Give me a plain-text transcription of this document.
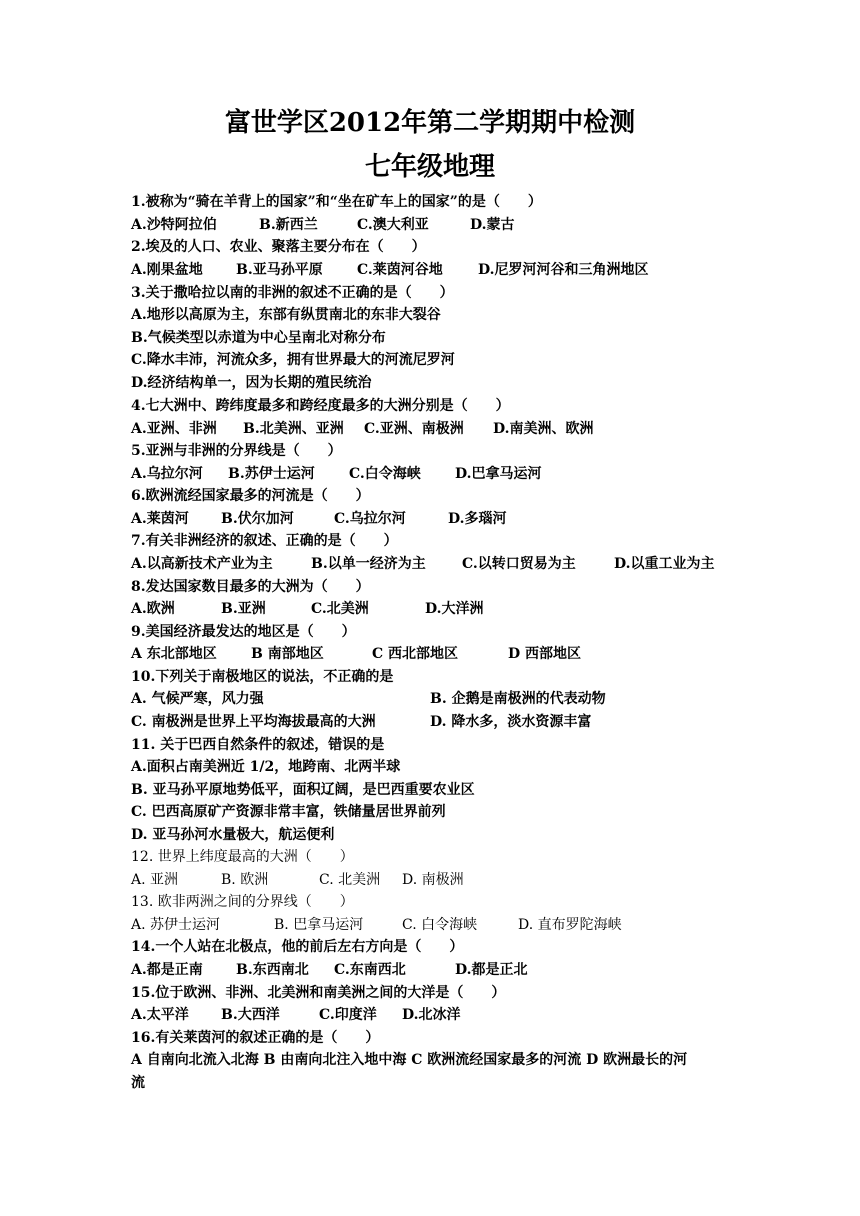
富世学区2012年第二学期期中检测
七年级地理
1.被称为“骑在羊背上的国家”和“坐在矿车上的国家”的是（　　）
A.沙特阿拉伯	B.新西兰	C.澳大利亚	D.蒙古
2.埃及的人口、农业、聚落主要分布在（　　）
A.刚果盆地 B.亚马孙平原 C.莱茵河谷地	D.尼罗河河谷和三角洲地区
3.关于撒哈拉以南的非洲的叙述不正确的是（　　）
A.地形以高原为主，东部有纵贯南北的东非大裂谷
B.气候类型以赤道为中心呈南北对称分布
C.降水丰沛，河流众多，拥有世界最大的河流尼罗河
D.经济结构单一，因为长期的殖民统治
4.七大洲中、跨纬度最多和跨经度最多的大洲分别是（　　）
A.亚洲、非洲 B.北美洲、亚洲 C.亚洲、南极洲 D.南美洲、欧洲
5.亚洲与非洲的分界线是（　　）
A.乌拉尔河 B.苏伊士运河 C.白令海峡 D.巴拿马运河
6.欧洲流经国家最多的河流是（　　）
A.莱茵河 B.伏尔加河	C.乌拉尔河	D.多瑙河
7.有关非洲经济的叙述、正确的是（　　）
A.以高新技术产业为主	B.以单一经济为主	C.以转口贸易为主	D.以重工业为主
8.发达国家数目最多的大洲为（　　）
A.欧洲	B.亚洲	C.北美洲	D.大洋洲
9.美国经济最发达的地区是（　　）
A 东北部地区 B 南部地区	C 西北部地区	D 西部地区
10.下列关于南极地区的说法，不正确的是
A. 气候严寒，风力强	B. 企鹅是南极洲的代表动物
C. 南极洲是世界上平均海拔最高的大洲	D. 降水多，淡水资源丰富
11. 关于巴西自然条件的叙述，错误的是
A.面积占南美洲近 1/2，地跨南、北两半球
B. 亚马孙平原地势低平，面积辽阔，是巴西重要农业区
C. 巴西高原矿产资源非常丰富，铁储量居世界前列
D. 亚马孙河水量极大，航运便利
12. 世界上纬度最高的大洲（　　）
A. 亚洲	B. 欧洲	C. 北美洲 D. 南极洲
13. 欧非两洲之间的分界线（　　）
A. 苏伊士运河	B. 巴拿马运河	C. 白令海峡	D. 直布罗陀海峡
14.一个人站在北极点，他的前后左右方向是（　　）
A.都是正南 B.东西南北 C.东南西北	D.都是正北
15.位于欧洲、非洲、北美洲和南美洲之间的大洋是（　　）
A.太平洋 B.大西洋	C.印度洋 D.北冰洋
16.有关莱茵河的叙述正确的是（　　）
A 自南向北流入北海 B 由南向北注入地中海 C 欧洲流经国家最多的河流 D 欧洲最长的河
流
